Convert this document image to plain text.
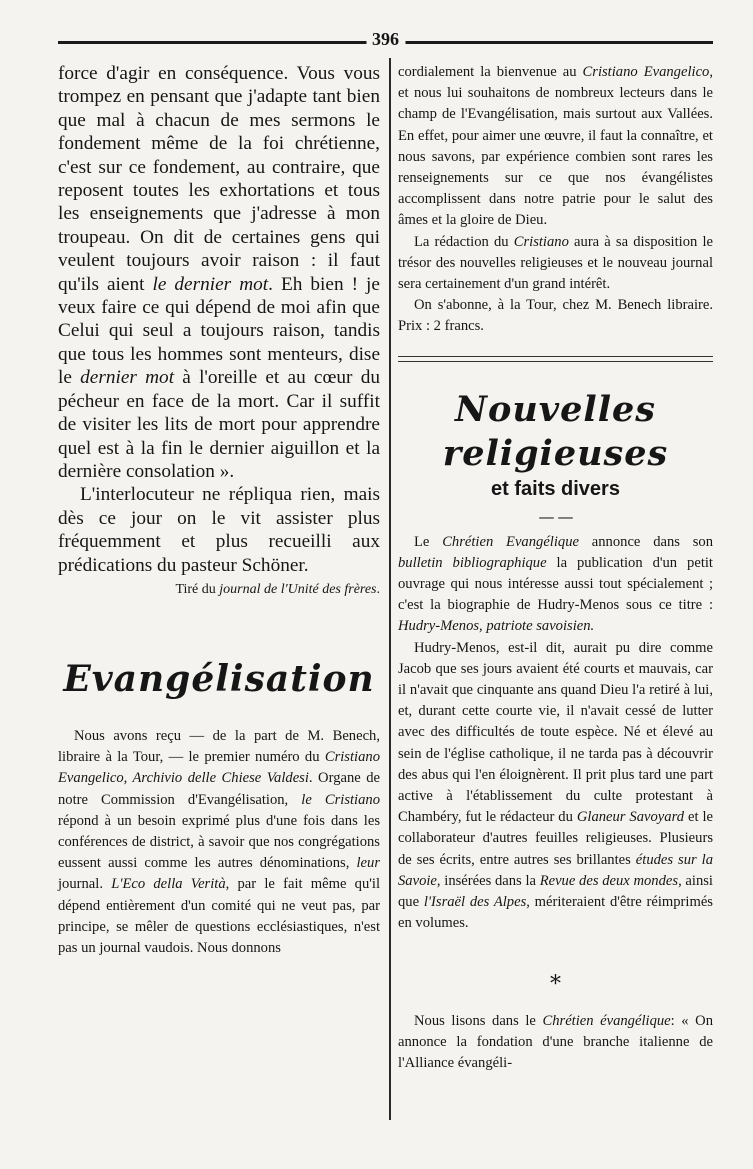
396

force d'agir en conséquence. Vous vous trompez en pensant que j'adapte tant bien que mal à chacun de mes sermons le fondement même de la foi chrétienne, c'est sur ce fondement, au contraire, que reposent toutes les exhortations et tous les enseignements que j'adresse à mon troupeau. On dit de certaines gens qui veulent toujours avoir raison : il faut qu'ils aient le dernier mot. Eh bien ! je veux faire ce qui dépend de moi afin que Celui qui seul a toujours raison, tandis que tous les hommes sont menteurs, dise le dernier mot à l'oreille et au cœur du pécheur en face de la mort. Car il suffit de visiter les lits de mort pour apprendre quel est à la fin le dernier aiguillon et la dernière consolation ».

L'interlocuteur ne répliqua rien, mais dès ce jour on le vit assister plus fréquemment et plus recueilli aux prédications du pasteur Schöner.

Tiré du journal de l'Unité des frères.

Evangélisation

Nous avons reçu — de la part de M. Benech, libraire à la Tour, — le premier numéro du Cristiano Evangelico, Archivio delle Chiese Valdesi. Organe de notre Commission d'Evangélisation, le Cristiano répond à un besoin exprimé plus d'une fois dans les conférences de district, à savoir que nos congrégations eussent aussi comme les autres dénominations, leur journal. L'Eco della Verità, par le fait même qu'il dépend entièrement d'un comité qui ne veut pas, par principe, se mêler de questions ecclésiastiques, n'est pas un journal vaudois. Nous donnons

cordialement la bienvenue au Cristiano Evangelico, et nous lui souhaitons de nombreux lecteurs dans le champ de l'Evangélisation, mais surtout aux Vallées. En effet, pour aimer une œuvre, il faut la connaître, et nous savons, par expérience combien sont rares les renseignements sur ce que nos évangélistes accomplissent dans notre patrie pour le salut des âmes et la gloire de Dieu.

La rédaction du Cristiano aura à sa disposition le trésor des nouvelles religieuses et le nouveau journal sera certainement d'un grand intérêt.

On s'abonne, à la Tour, chez M. Benech libraire. Prix : 2 francs.

Nouvelles religieuses
et faits divers
— —

Le Chrétien Evangélique annonce dans son bulletin bibliographique la publication d'un petit ouvrage qui nous intéresse aussi tout spécialement ; c'est la biographie de Hudry-Menos sous ce titre : Hudry-Menos, patriote savoisien.

Hudry-Menos, est-il dit, aurait pu dire comme Jacob que ses jours avaient été courts et mauvais, car il n'avait que cinquante ans quand Dieu l'a retiré à lui, et, durant cette courte vie, il n'avait cessé de lutter avec des difficultés de toute espèce. Né et élevé au sein de l'église catholique, il ne tarda pas à découvrir des abus qui l'en éloignèrent. Il prit plus tard une part active à l'établissement du culte protestant à Chambéry, fut le rédacteur du Glaneur Savoyard et le collaborateur d'autres feuilles religieuses. Plusieurs de ses écrits, entre autres ses brillantes études sur la Savoie, insérées dans la Revue des deux mondes, ainsi que l'Israël des Alpes, mériteraient d'être réimprimés en volumes.

*

Nous lisons dans le Chrétien évangélique: « On annonce la fondation d'une branche italienne de l'Alliance évangéli-
